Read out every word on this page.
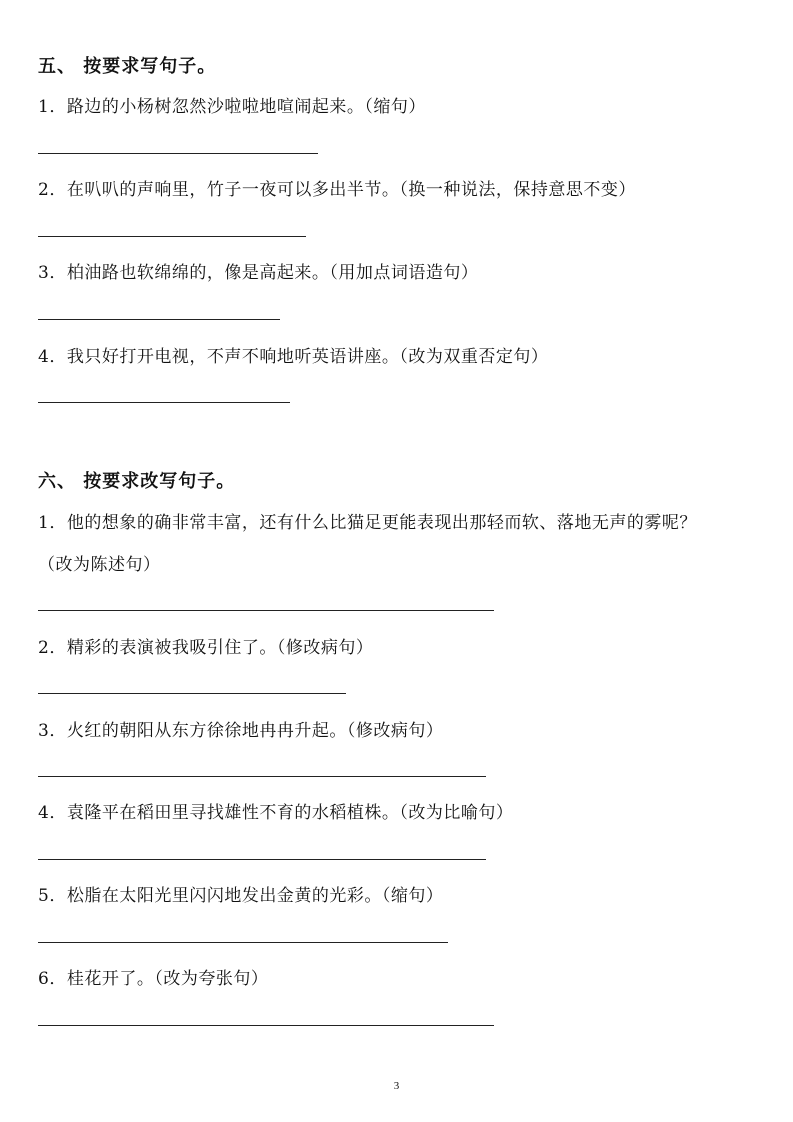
五、 按要求写句子。
1．路边的小杨树忽然沙啦啦地喧闹起来。（缩句）
2．在叭叭的声响里，竹子一夜可以多出半节。（换一种说法，保持意思不变）
3．柏油路也软绵绵的，像是高起来。（用加点词语造句）
4．我只好打开电视，不声不响地听英语讲座。（改为双重否定句）
六、 按要求改写句子。
1．他的想象的确非常丰富，还有什么比猫足更能表现出那轻而软、落地无声的雾呢？
（改为陈述句）
2．精彩的表演被我吸引住了。（修改病句）
3．火红的朝阳从东方徐徐地冉冉升起。（修改病句）
4．袁隆平在稻田里寻找雄性不育的水稻植株。（改为比喻句）
5．松脂在太阳光里闪闪地发出金黄的光彩。（缩句）
6．桂花开了。（改为夸张句）
3
